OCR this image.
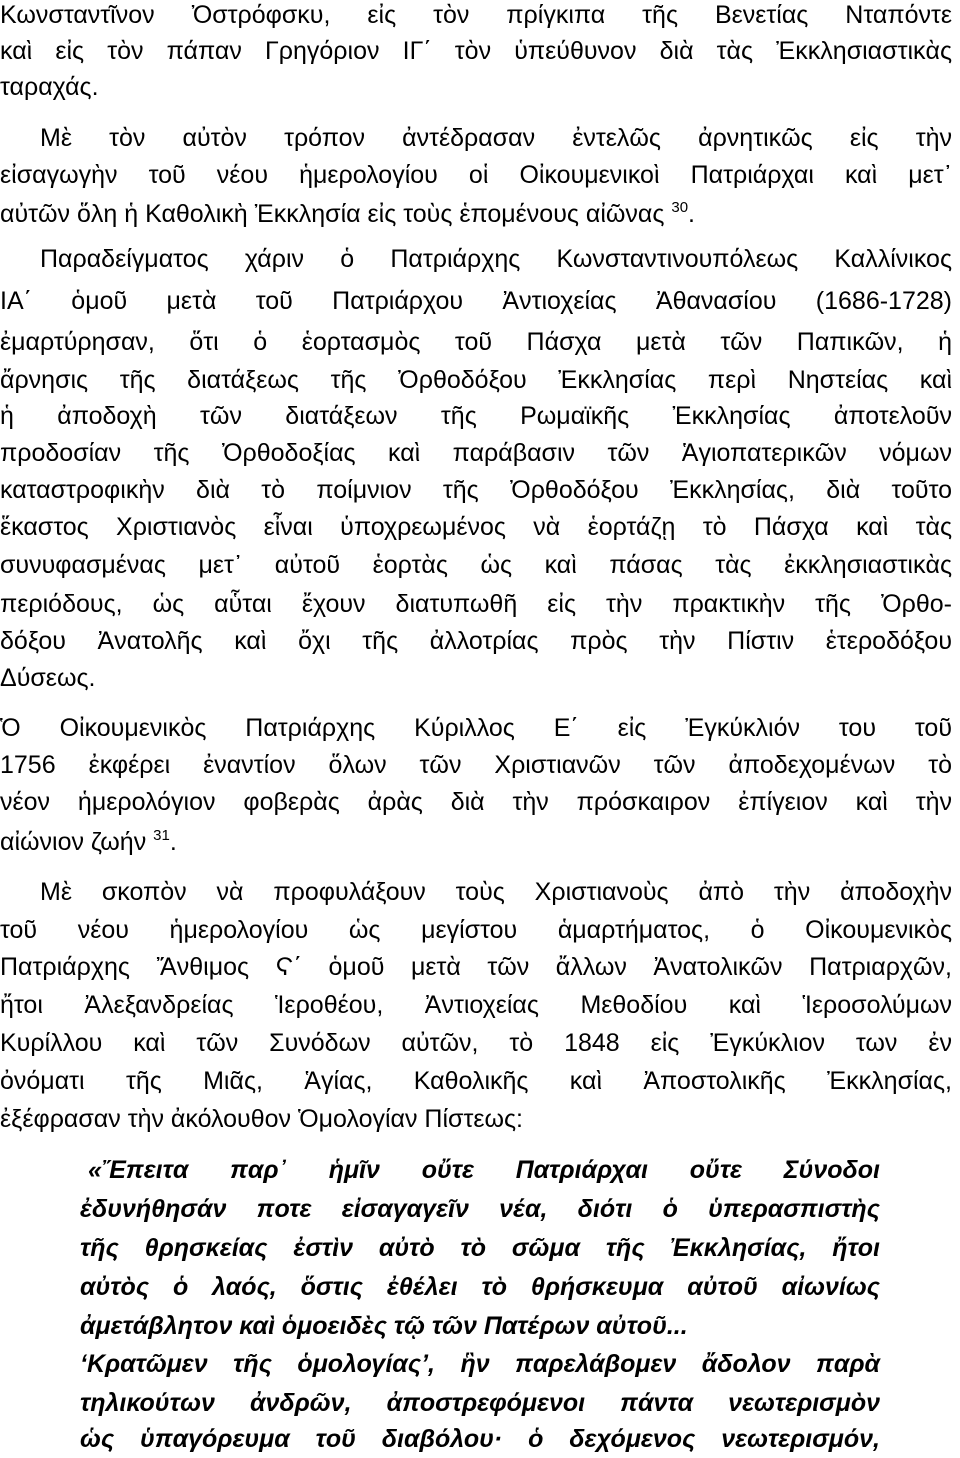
Κωνσταντῖνον Ὀστρόφσκυ, εἰς τὸν πρίγκιπα τῆς Βενετίας Νταπόντε
καὶ εἰς τὸν πάπαν Γρηγόριον ΙΓ΄ τὸν ὑπεύθυνον διὰ τὰς Ἐκκλησιαστικὰς
ταραχάς.
Μὲ τὸν αὐτὸν τρόπον ἀντέδρασαν ἐντελῶς ἀρνητικῶς εἰς τὴν
εἰσαγωγὴν τοῦ νέου ἡμερολογίου οἱ Οἰκουμενικοὶ Πατριάρχαι καὶ μετ᾽
αὐτῶν ὅλη ἡ Καθολικὴ Ἐκκλησία εἰς τοὺς ἑπομένους αἰῶνας $^{30}$.
Παραδείγματος χάριν ὁ Πατριάρχης Κωνσταντινουπόλεως Καλλίνικος
ΙΑ΄ ὁμοῦ μετὰ τοῦ Πατριάρχου Ἀντιοχείας Ἀθανασίου (1686-1728)
ἐμαρτύρησαν, ὅτι ὁ ἑορτασμὸς τοῦ Πάσχα μετὰ τῶν Παπικῶν, ἡ
ἄρνησις τῆς διατάξεως τῆς Ὀρθοδόξου Ἐκκλησίας περὶ Νηστείας καὶ
ἡ ἀποδοχὴ τῶν διατάξεων τῆς Ρωμαϊκῆς Ἐκκλησίας ἀποτελοῦν
προδοσίαν τῆς Ὀρθοδοξίας καὶ παράβασιν τῶν Ἁγιοπατερικῶν νόμων
καταστροφικὴν διὰ τὸ ποίμνιον τῆς Ὀρθοδόξου Ἐκκλησίας, διὰ τοῦτο
ἕκαστος Χριστιανὸς εἶναι ὑποχρεωμένος νὰ ἑορτάζῃ τὸ Πάσχα καὶ τὰς
συνυφασμένας μετ᾽ αὐτοῦ ἑορτὰς ὡς καὶ πάσας τὰς ἐκκλησιαστικὰς
περιόδους, ὡς αὗται ἔχουν διατυπωθῆ εἰς τὴν πρακτικὴν τῆς Ὀρθο-
δόξου Ἀνατολῆς καὶ ὄχι τῆς ἀλλοτρίας πρὸς τὴν Πίστιν ἑτεροδόξου
Δύσεως.
Ὁ Οἰκουμενικὸς Πατριάρχης Κύριλλος Ε΄ εἰς Ἐγκύκλιόν του τοῦ
1756 ἐκφέρει ἐναντίον ὅλων τῶν Χριστιανῶν τῶν ἀποδεχομένων τὸ
νέον ἡμερολόγιον φοβερὰς ἀρὰς διὰ τὴν πρόσκαιρον ἐπίγειον καὶ τὴν
αἰώνιον ζωήν $^{31}$.
Μὲ σκοπὸν νὰ προφυλάξουν τοὺς Χριστιανοὺς ἀπὸ τὴν ἀποδοχὴν
τοῦ νέου ἡμερολογίου ὡς μεγίστου ἁμαρτήματος, ὁ Οἰκουμενικὸς
Πατριάρχης Ἄνθιμος Ϛ΄ ὁμοῦ μετὰ τῶν ἄλλων Ἀνατολικῶν Πατριαρχῶν,
ἤτοι Ἀλεξανδρείας Ἱεροθέου, Ἀντιοχείας Μεθοδίου καὶ Ἱεροσολύμων
Κυρίλλου καὶ τῶν Συνόδων αὐτῶν, τὸ 1848 εἰς Ἐγκύκλιον των ἐν
ὀνόματι τῆς Μιᾶς, Ἁγίας, Καθολικῆς καὶ Ἀποστολικῆς Ἐκκλησίας,
ἐξέφρασαν τὴν ἀκόλουθον Ὁμολογίαν Πίστεως:
«Ἔπειτα παρ᾽ ἡμῖν οὔτε Πατριάρχαι οὔτε Σύνοδοι
ἐδυνήθησάν ποτε εἰσαγαγεῖν νέα, διότι ὁ ὑπερασπιστὴς
τῆς θρησκείας ἐστὶν αὐτὸ τὸ σῶμα τῆς Ἐκκλησίας, ἤτοι
αὐτὸς ὁ λαός, ὅστις ἐθέλει τὸ θρήσκευμα αὐτοῦ αἰωνίως
ἀμετάβλητον καὶ ὁμοειδὲς τῷ τῶν Πατέρων αὐτοῦ...
‘Κρατῶμεν τῆς ὁμολογίας’, ἣν παρελάβομεν ἄδολον παρὰ
τηλικούτων ἀνδρῶν, ἀποστρεφόμενοι πάντα νεωτερισμὸν
ὡς ὑπαγόρευμα τοῦ διαβόλου· ὁ δεχόμενος νεωτερισμόν,
